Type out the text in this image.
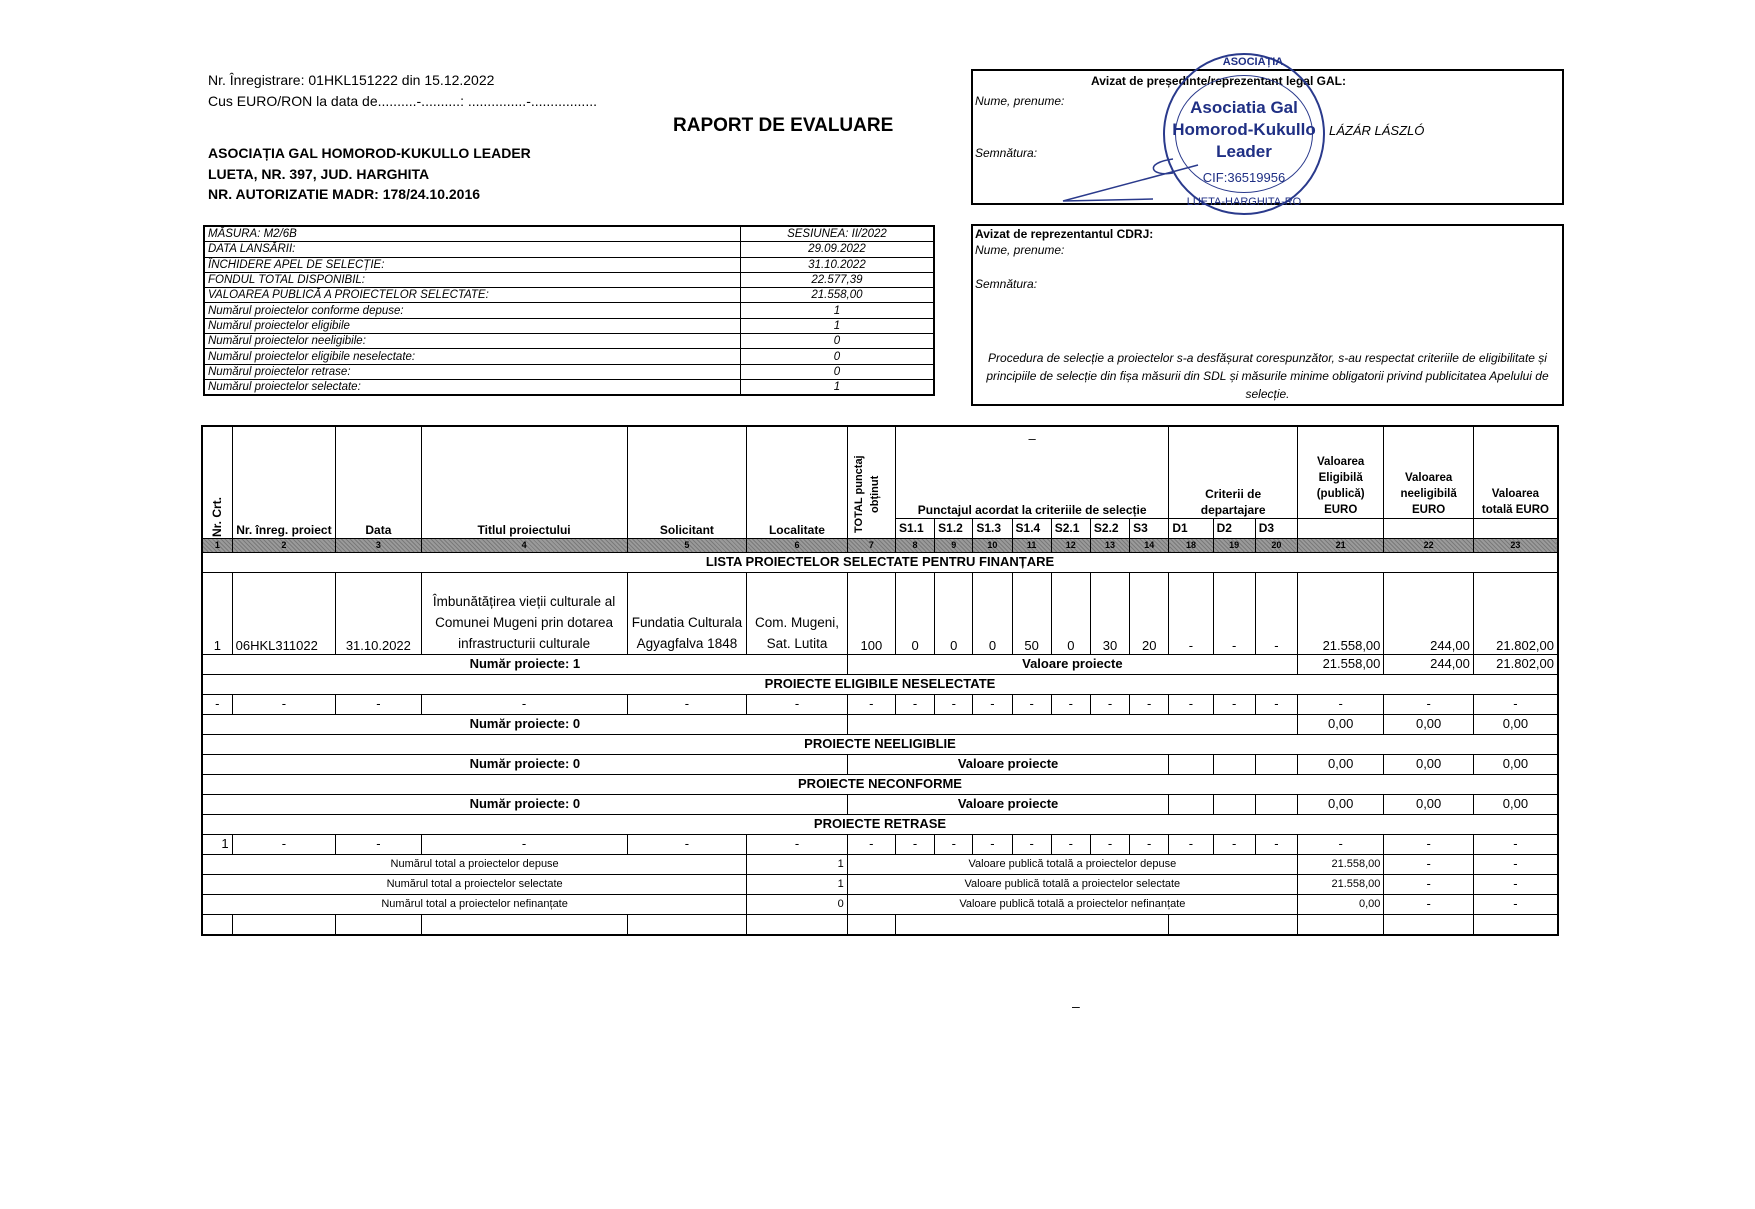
Nr. Înregistrare: 01HKL151222 din 15.12.2022
Cus EURO/RON la data de..........-..........: ...............-.................
ASOCIAȚIA GAL HOMOROD-KUKULLO LEADER
LUETA, NR. 397, JUD. HARGHITA
NR. AUTORIZATIE MADR: 178/24.10.2016
RAPORT DE EVALUARE
MĂSURA: M2/6B	SESIUNEA: II/2022
DATA LANSĂRII:	29.09.2022
ÎNCHIDERE APEL DE SELECȚIE:	31.10.2022
FONDUL TOTAL DISPONIBIL:	22.577,39
VALOAREA PUBLICĂ A PROIECTELOR SELECTATE:	21.558,00
Numărul proiectelor conforme depuse:	1
Numărul proiectelor eligibile	1
Numărul proiectelor neeligibile:	0
Numărul proiectelor eligibile neselectate:	0
Numărul proiectelor retrase:	0
Numărul proiectelor selectate:	1
Avizat de președinte/reprezentant legal GAL:
Nume, prenume:
Semnătura:
LÁZÁR LÁSZLÓ
ASOCIAȚIA
Asociatia Gal
Homorod-Kukullo
Leader
CIF:36519956
LUETA-HARGHITA-RO
Avizat de reprezentantul CDRJ:
Nume, prenume:
Semnătura:
Procedura de selecție a proiectelor s-a desfășurat corespunzător, s-au respectat criteriile de eligibilitate și principiile de selecție din fișa măsurii din SDL și măsurile minime obligatorii privind publicitatea Apelului de selecție.
Nr. Crt.	Nr. înreg. proiect	Data	Titlul proiectului	Solicitant	Localitate	TOTAL punctaj obținut	–
Punctajul acordat la criteriile de selecție							Criterii de departajare			Valoarea Eligibilă (publică) EURO	Valoarea neeligibilă EURO	Valoarea totală EURO
							S1.1	S1.2	S1.3	S1.4	S2.1	S2.2	S3	D1	D2	D3			
1	2	3	4	5	6	7	8	9	10	11	12	13	14	18	19	20	21	22	23
LISTA PROIECTELOR SELECTATE PENTRU FINANȚARE																			
1	06HKL311022	31.10.2022	Îmbunătățirea vieții culturale al Comunei Mugeni prin dotarea infrastructurii culturale	Fundatia Culturala Agyagfalva 1848	Com. Mugeni, Sat. Lutita	100	0	0	0	50	0	30	20	-	-	-	21.558,00	244,00	21.802,00
Număr proiecte: 1						Valoare proiecte											21.558,00	244,00	21.802,00
PROIECTE ELIGIBILE NESELECTATE																			
-	-	-	-	-	-	-	-	-	-	-	-	-	-	-	-	-	-	-	-
Număr proiecte: 0																	0,00	0,00	0,00
PROIECTE NEELIGIBLIE																			
Număr proiecte: 0						Valoare proiecte											0,00	0,00	0,00
PROIECTE NECONFORME																			
Număr proiecte: 0						Valoare proiecte											0,00	0,00	0,00
PROIECTE RETRASE																			
1	-	-	-	-	-	-	-	-	-	-	-	-	-	-	-	-	-	-	-
Numărul total a proiectelor depuse					1	Valoare publică totală a proiectelor depuse											21.558,00	-	-
Numărul total a proiectelor selectate					1	Valoare publică totală a proiectelor selectate											21.558,00	-	-
Numărul total a proiectelor nefinanțate					0	Valoare publică totală a proiectelor nefinanțate											0,00	-	-

–
